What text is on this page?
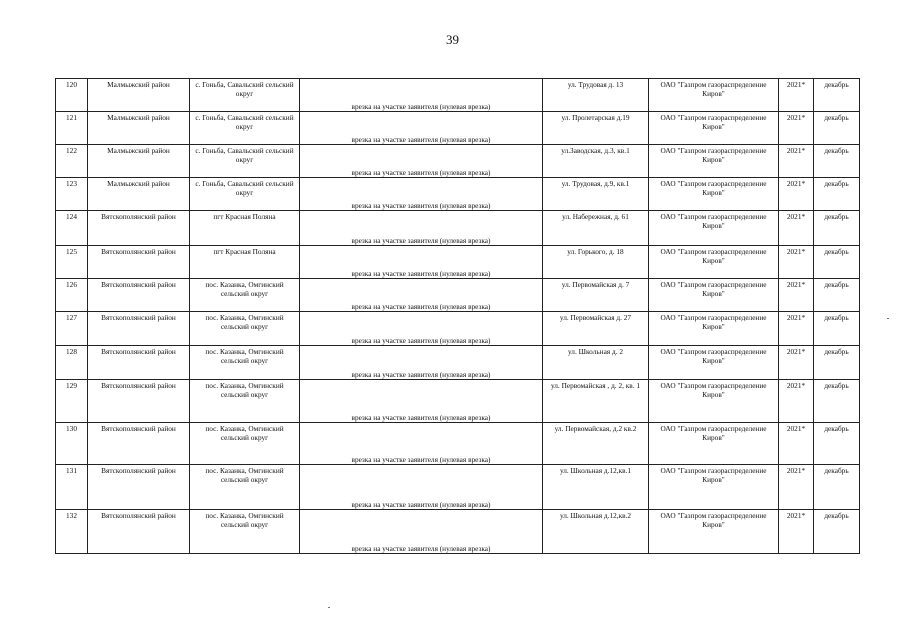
39
120	Малмыжский район	с. Гоньба, Савальский сельский округ	врезка на участке заявителя (нулевая врезка)	ул. Трудовая д. 13	ОАО "Газпром газораспределение Киров"	2021*	декабрь
121	Малмыжский район	с. Гоньба, Савальский сельский округ	врезка на участке заявителя (нулевая врезка)	ул. Пролетарская д.19	ОАО "Газпром газораспределение Киров"	2021*	декабрь
122	Малмыжский район	с. Гоньба, Савальский сельский округ	врезка на участке заявителя (нулевая врезка)	ул.Заводская, д.3, кв.1	ОАО "Газпром газораспределение Киров"	2021*	декабрь
123	Малмыжский район	с. Гоньба, Савальский сельский округ	врезка на участке заявителя (нулевая врезка)	ул. Трудовая, д.9, кв.1	ОАО "Газпром газораспределение Киров"	2021*	декабрь
124	Вятскополянский район	пгт Красная Поляна	врезка на участке заявителя (нулевая врезка)	ул. Набережная, д. 61	ОАО "Газпром газораспределение Киров"	2021*	декабрь
125	Вятскополянский район	пгт Красная Поляна	врезка на участке заявителя (нулевая врезка)	ул. Горького, д. 18	ОАО "Газпром газораспределение Киров"	2021*	декабрь
126	Вятскополянский район	пос. Казанка, Омгинский сельский округ	врезка на участке заявителя (нулевая врезка)	ул. Первомайская д. 7	ОАО "Газпром газораспределение Киров"	2021*	декабрь
127	Вятскополянский район	пос. Казанка, Омгинский сельский округ	врезка на участке заявителя (нулевая врезка)	ул. Первомайская д. 27	ОАО "Газпром газораспределение Киров"	2021*	декабрь
128	Вятскополянский район	пос. Казанка, Омгинский сельский округ	врезка на участке заявителя (нулевая врезка)	ул. Школьная д. 2	ОАО "Газпром газораспределение Киров"	2021*	декабрь
129	Вятскополянский район	пос. Казанка, Омгинский сельский округ	врезка на участке заявителя (нулевая врезка)	ул. Первомайская , д. 2, кв. 1	ОАО "Газпром газораспределение Киров"	2021*	декабрь
130	Вятскополянский район	пос. Казанка, Омгинский сельский округ	врезка на участке заявителя (нулевая врезка)	ул. Первомайская, д.2 кв.2	ОАО "Газпром газораспределение Киров"	2021*	декабрь
131	Вятскополянский район	пос. Казанка, Омгинский сельский округ	врезка на участке заявителя (нулевая врезка)	ул. Школьная д.12,кв.1	ОАО "Газпром газораспределение Киров"	2021*	декабрь
132	Вятскополянский район	пос. Казанка, Омгинский сельский округ	врезка на участке заявителя (нулевая врезка)	ул. Школьная д.12,кв.2	ОАО "Газпром газораспределение Киров"	2021*	декабрь
